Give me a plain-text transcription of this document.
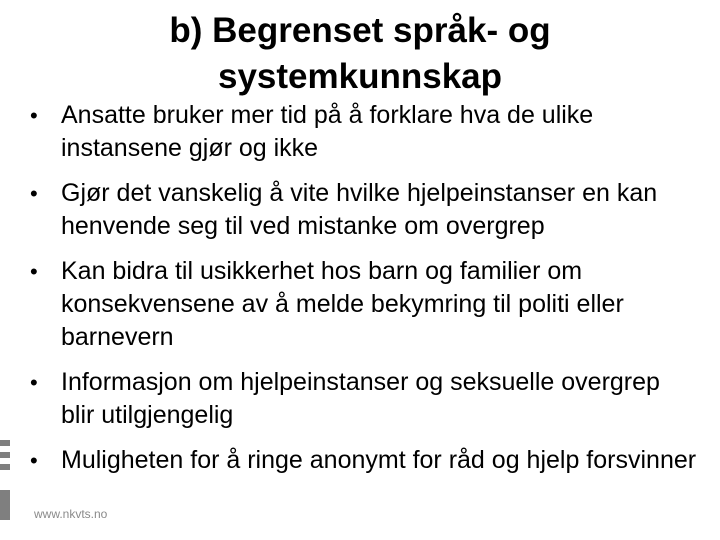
b) Begrenset språk- og
systemkunnskap
• Ansatte bruker mer tid på å forklare hva de ulike instansene gjør og ikke
• Gjør det vanskelig å vite hvilke hjelpeinstanser en kan henvende seg til ved mistanke om overgrep
• Kan bidra til usikkerhet hos barn og familier om konsekvensene av å melde bekymring til politi eller barnevern
• Informasjon om hjelpeinstanser og seksuelle overgrep blir utilgjengelig
• Muligheten for å ringe anonymt for råd og hjelp forsvinner
www.nkvts.no
